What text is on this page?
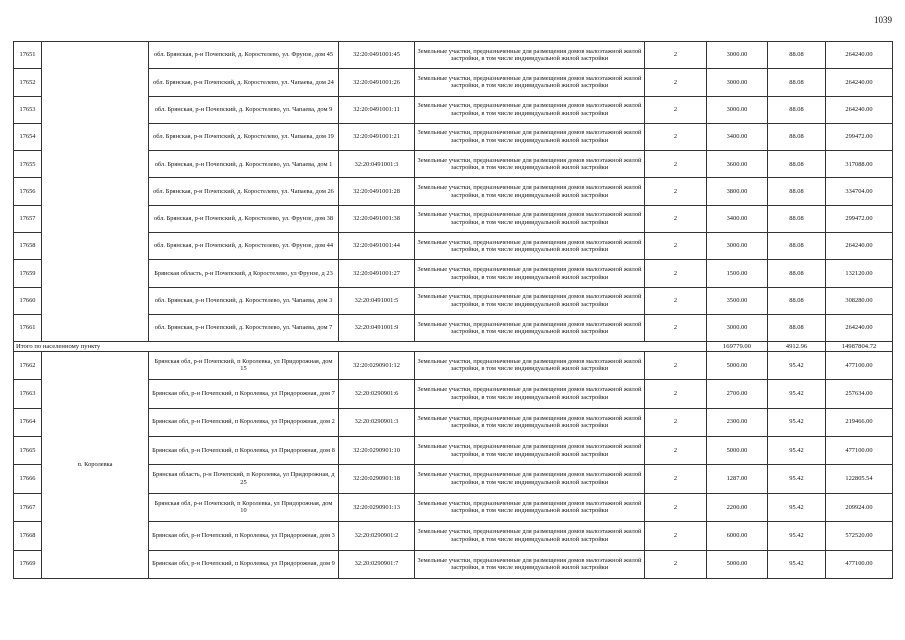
1039
17651		обл. Брянская, р-н Почепский, д. Коростелево, ул. Фрунзе, дом 45	32:20:0491001:45	Земельные участки, предназначенные для размещения домов малоэтажной жилой застройки, в том числе индивидуальной жилой застройки	2	3000.00	88.08	264240.00
17652		обл. Брянская, р-н Почепский, д. Коростелево, ул. Чапаева, дом 24	32:20:0491001:26	Земельные участки, предназначенные для размещения домов малоэтажной жилой застройки, в том числе индивидуальной жилой застройки	2	3000.00	88.08	264240.00
17653		обл. Брянская, р-н Почепский, д. Коростелево, ул. Чапаева, дом 9	32:20:0491001:11	Земельные участки, предназначенные для размещения домов малоэтажной жилой застройки, в том числе индивидуальной жилой застройки	2	3000.00	88.08	264240.00
17654		обл. Брянская, р-н Почепский, д. Коростелево, ул. Чапаева, дом 19	32:20:0491001:21	Земельные участки, предназначенные для размещения домов малоэтажной жилой застройки, в том числе индивидуальной жилой застройки	2	3400.00	88.08	299472.00
17655		обл. Брянская, р-н Почепский, д. Коростелево, ул. Чапаева, дом 1	32:20:0491001:3	Земельные участки, предназначенные для размещения домов малоэтажной жилой застройки, в том числе индивидуальной жилой застройки	2	3600.00	88.08	317088.00
17656		обл. Брянская, р-н Почепский, д. Коростелево, ул. Чапаева, дом 26	32:20:0491001:28	Земельные участки, предназначенные для размещения домов малоэтажной жилой застройки, в том числе индивидуальной жилой застройки	2	3800.00	88.08	334704.00
17657		обл. Брянская, р-н Почепский, д. Коростелево, ул. Фрунзе, дом 38	32:20:0491001:38	Земельные участки, предназначенные для размещения домов малоэтажной жилой застройки, в том числе индивидуальной жилой застройки	2	3400.00	88.08	299472.00
17658		обл. Брянская, р-н Почепский, д. Коростелево, ул. Фрунзе, дом 44	32:20:0491001:44	Земельные участки, предназначенные для размещения домов малоэтажной жилой застройки, в том числе индивидуальной жилой застройки	2	3000.00	88.08	264240.00
17659		Брянская область, р-н Почепский, д Коростелево, ул Фрунзе, д 23	32:20:0491001:27	Земельные участки, предназначенные для размещения домов малоэтажной жилой застройки, в том числе индивидуальной жилой застройки	2	1500.00	88.08	132120.00
17660		обл. Брянская, р-н Почепский, д. Коростелево, ул. Чапаева, дом 3	32:20:0491001:5	Земельные участки, предназначенные для размещения домов малоэтажной жилой застройки, в том числе индивидуальной жилой застройки	2	3500.00	88.08	308280.00
17661		обл. Брянская, р-н Почепский, д. Коростелево, ул. Чапаева, дом 7	32:20:0491001:9	Земельные участки, предназначенные для размещения домов малоэтажной жилой застройки, в том числе индивидуальной жилой застройки	2	3000.00	88.08	264240.00
Итого по населенному пункту						169779.00	4912.96	14987804.72
17662	п. Королевка	Брянская обл, р-н Почепский, п Королевка, ул Придорожная, дом 15	32:20:0290901:12	Земельные участки, предназначенные для размещения домов малоэтажной жилой застройки, в том числе индивидуальной жилой застройки	2	5000.00	95.42	477100.00
17663		Брянская обл, р-н Почепский, п Королевка, ул Придорожная, дом 7	32:20:0290901:6	Земельные участки, предназначенные для размещения домов малоэтажной жилой застройки, в том числе индивидуальной жилой застройки	2	2700.00	95.42	257634.00
17664		Брянская обл, р-н Почепский, п Королевка, ул Придорожная, дом 2	32:20:0290901:3	Земельные участки, предназначенные для размещения домов малоэтажной жилой застройки, в том числе индивидуальной жилой застройки	2	2300.00	95.42	219466.00
17665		Брянская обл, р-н Почепский, п Королевка, ул Придорожная, дом 8	32:20:0290901:10	Земельные участки, предназначенные для размещения домов малоэтажной жилой застройки, в том числе индивидуальной жилой застройки	2	5000.00	95.42	477100.00
17666		Брянская область, р-н Почепский, п Королевка, ул Придорожная, д 25	32:20:0290901:18	Земельные участки, предназначенные для размещения домов малоэтажной жилой застройки, в том числе индивидуальной жилой застройки	2	1287.00	95.42	122805.54
17667		Брянская обл, р-н Почепский, п Королевка, ул Придорожная, дом 10	32:20:0290901:13	Земельные участки, предназначенные для размещения домов малоэтажной жилой застройки, в том числе индивидуальной жилой застройки	2	2200.00	95.42	209924.00
17668		Брянская обл, р-н Почепский, п Королевка, ул Придорожная, дом 3	32:20:0290901:2	Земельные участки, предназначенные для размещения домов малоэтажной жилой застройки, в том числе индивидуальной жилой застройки	2	6000.00	95.42	572520.00
17669		Брянская обл, р-н Почепский, п Королевка, ул Придорожная, дом 9	32:20:0290901:7	Земельные участки, предназначенные для размещения домов малоэтажной жилой застройки, в том числе индивидуальной жилой застройки	2	5000.00	95.42	477100.00
